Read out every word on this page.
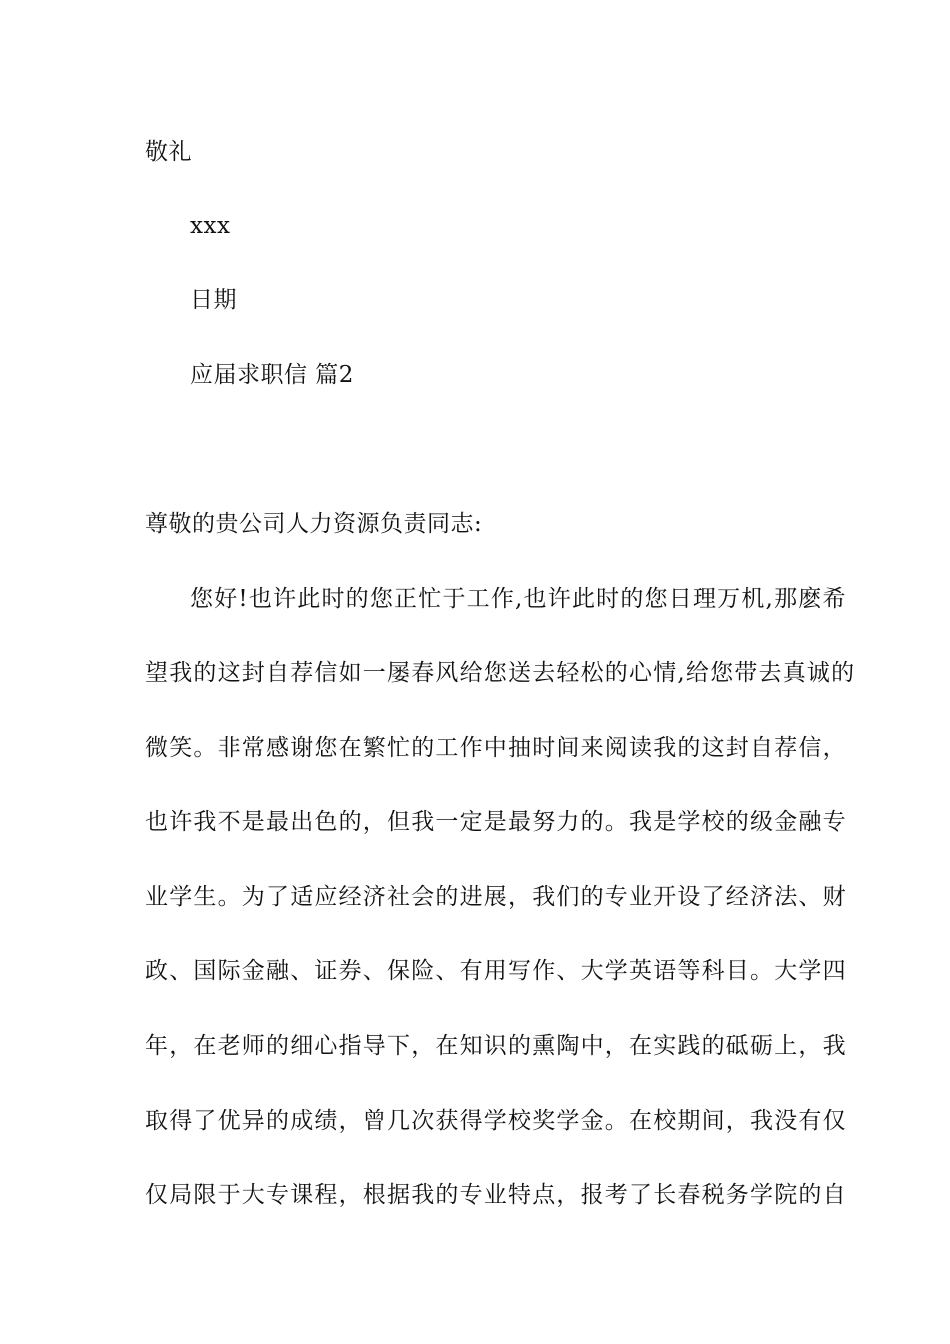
敬礼
xxx
日期
应届求职信 篇2
尊敬的贵公司人力资源负责同志:
您好!也许此时的您正忙于工作,也许此时的您日理万机,那麽希
望我的这封自荐信如一屡春风给您送去轻松的心情,给您带去真诚的
微笑。非常感谢您在繁忙的工作中抽时间来阅读我的这封自荐信，
也许我不是最出色的，但我一定是最努力的。我是学校的级金融专
业学生。为了适应经济社会的进展，我们的专业开设了经济法、财
政、国际金融、证券、保险、有用写作、大学英语等科目。大学四
年，在老师的细心指导下，在知识的熏陶中，在实践的砥砺上，我
取得了优异的成绩，曾几次获得学校奖学金。在校期间，我没有仅
仅局限于大专课程，根据我的专业特点，报考了长春税务学院的自
